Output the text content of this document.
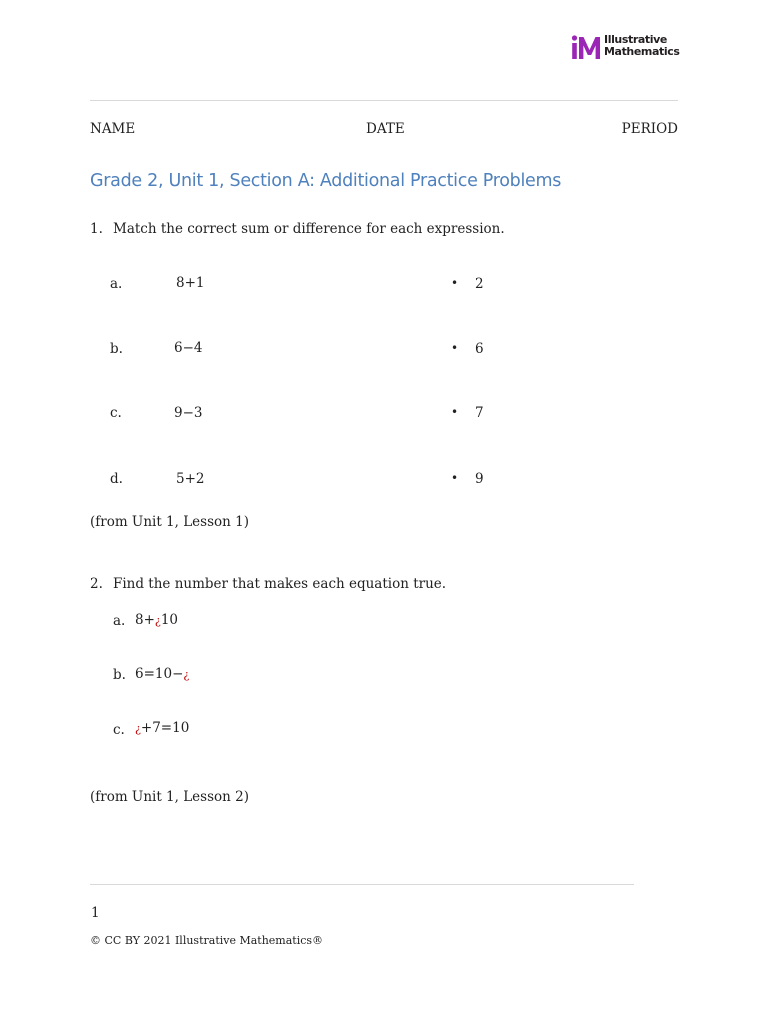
Illustrative
Mathematics
NAME	DATE	PERIOD
Grade 2, Unit 1, Section A: Additional Practice Problems
1. Match the correct sum or difference for each expression.
a.	8+1	• 2
b.	6−4	• 6
c.	9−3	• 7
d.	5+2	• 9
(from Unit 1, Lesson 1)
2. Find the number that makes each equation true.
a. 8+¿10
b. 6=10−¿
c. ¿+7=10
(from Unit 1, Lesson 2)
1
© CC BY 2021 Illustrative Mathematics®
